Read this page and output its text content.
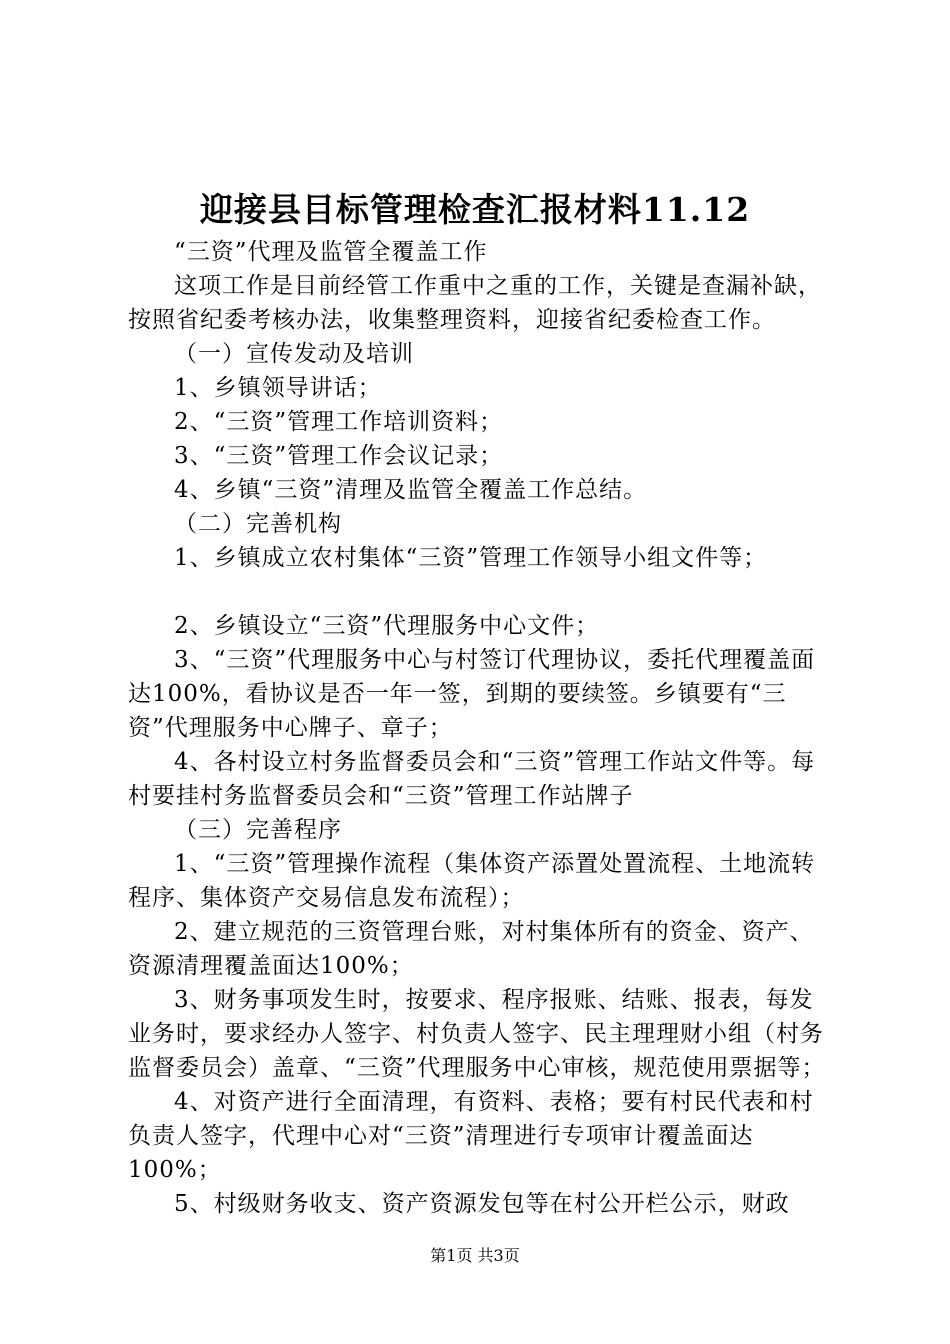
迎接县目标管理检查汇报材料11.12

“三资”代理及监管全覆盖工作

这项工作是目前经管工作重中之重的工作，关键是查漏补缺，按照省纪委考核办法，收集整理资料，迎接省纪委检查工作。

（一）宣传发动及培训

1、乡镇领导讲话；

2、“三资”管理工作培训资料；

3、“三资”管理工作会议记录；

4、乡镇“三资”清理及监管全覆盖工作总结。

（二）完善机构

1、乡镇成立农村集体“三资”管理工作领导小组文件等；

2、乡镇设立“三资”代理服务中心文件；

3、“三资”代理服务中心与村签订代理协议，委托代理覆盖面达100%，看协议是否一年一签，到期的要续签。乡镇要有“三资”代理服务中心牌子、章子；

4、各村设立村务监督委员会和“三资”管理工作站文件等。每村要挂村务监督委员会和“三资”管理工作站牌子

（三）完善程序

1、“三资”管理操作流程（集体资产添置处置流程、土地流转程序、集体资产交易信息发布流程）；

2、建立规范的三资管理台账，对村集体所有的资金、资产、资源清理覆盖面达100%；

3、财务事项发生时，按要求、程序报账、结账、报表，每发业务时，要求经办人签字、村负责人签字、民主理理财小组（村务监督委员会）盖章、“三资”代理服务中心审核，规范使用票据等；

4、对资产进行全面清理，有资料、表格；要有村民代表和村负责人签字，代理中心对“三资”清理进行专项审计覆盖面达100%；

5、村级财务收支、资产资源发包等在村公开栏公示，财政

第1页 共3页
